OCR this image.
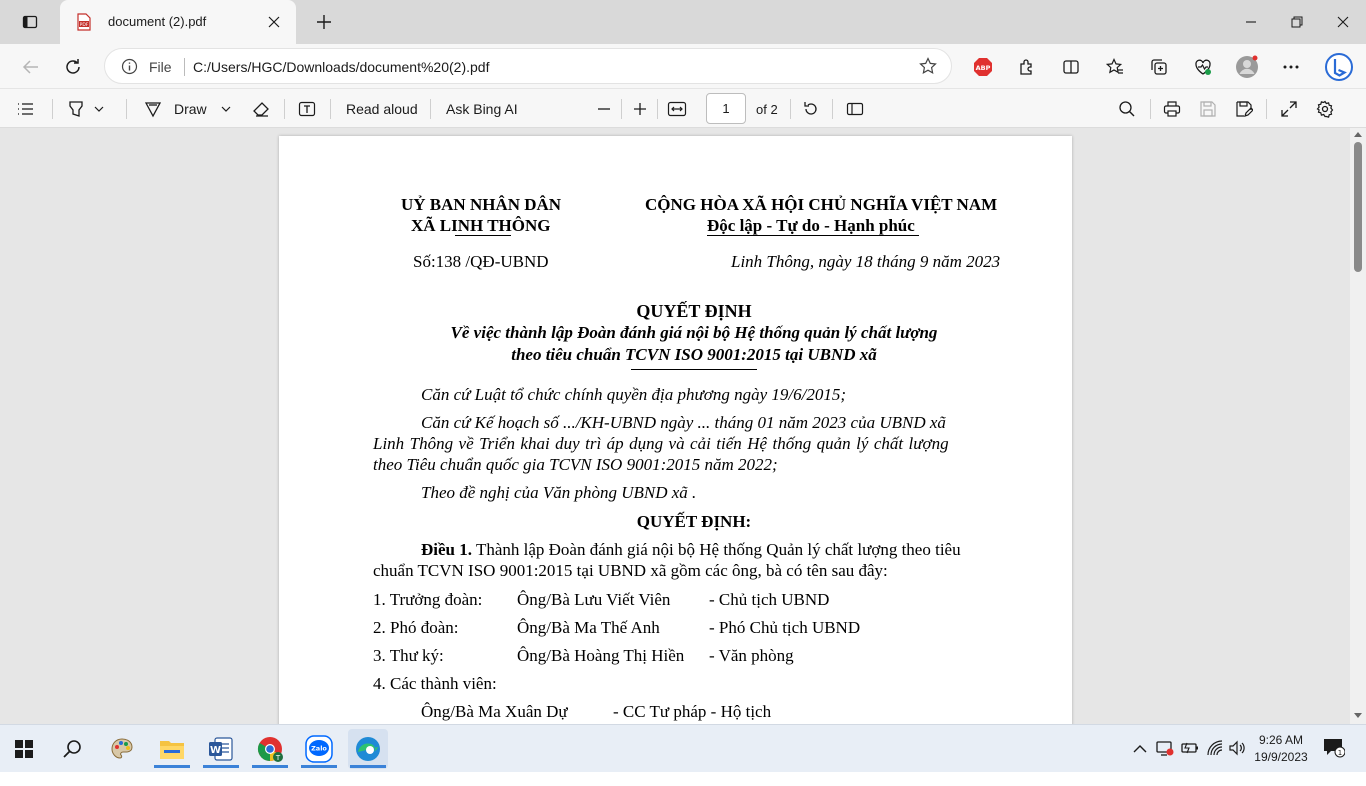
PDF document (2).pdf
File C:/Users/HGC/Downloads/document%20(2).pdf	ABP
Draw	Read aloud Ask Bing AI	1	of 2
UỶ BAN NHÂN DÂN
XÃ LINH THÔNG
CỘNG HÒA XÃ HỘI CHỦ NGHĨA VIỆT NAM
Độc lập - Tự do - Hạnh phúc
Số:138 /QĐ-UBND	Linh Thông, ngày 18 tháng 9 năm 2023
QUYẾT ĐỊNH
Về việc thành lập Đoàn đánh giá nội bộ Hệ thống quản lý chất lượng
theo tiêu chuẩn TCVN ISO 9001:2015 tại UBND xã
Căn cứ Luật tổ chức chính quyền địa phương ngày 19/6/2015;
Căn cứ Kế hoạch số .../KH-UBND ngày ... tháng 01 năm 2023 của UBND xã
Linh Thông về Triển khai duy trì áp dụng và cải tiến Hệ thống quản lý chất lượng
theo Tiêu chuẩn quốc gia TCVN ISO 9001:2015 năm 2022;
Theo đề nghị của Văn phòng UBND xã .
QUYẾT ĐỊNH:
Điều 1. Thành lập Đoàn đánh giá nội bộ Hệ thống Quản lý chất lượng theo tiêu
chuẩn TCVN ISO 9001:2015 tại UBND xã gồm các ông, bà có tên sau đây:
1. Trưởng đoàn: Ông/Bà Lưu Viết Viên - Chủ tịch UBND
2. Phó đoàn:	Ông/Bà Ma Thế Anh	- Phó Chủ tịch UBND
3. Thư ký:	Ông/Bà Hoàng Thị Hiền - Văn phòng
4. Các thành viên:
Ông/Bà Ma Xuân Dự	- CC Tư pháp - Hộ tịch
W
T
Zalo
9:26 AM
19/9/2023	1
